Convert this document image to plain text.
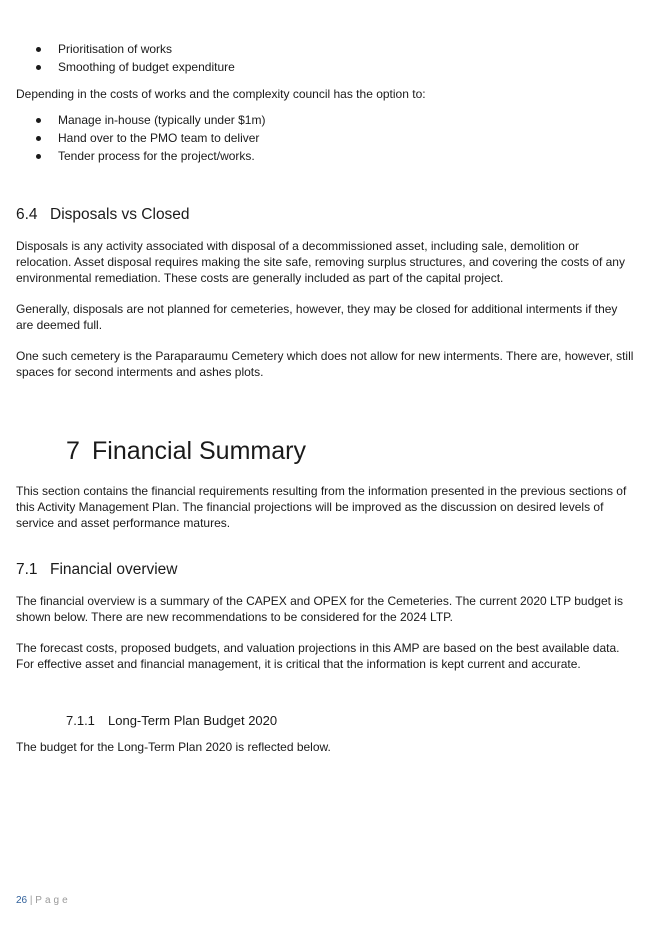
Prioritisation of works
Smoothing of budget expenditure

Depending in the costs of works and the complexity council has the option to:

Manage in-house (typically under $1m)
Hand over to the PMO team to deliver
Tender process for the project/works.
6.4 Disposals vs Closed

Disposals is any activity associated with disposal of a decommissioned asset, including sale, demolition or relocation. Asset disposal requires making the site safe, removing surplus structures, and covering the costs of any environmental remediation. These costs are generally included as part of the capital project.

Generally, disposals are not planned for cemeteries, however, they may be closed for additional interments if they are deemed full.

One such cemetery is the Paraparaumu Cemetery which does not allow for new interments. There are, however, still spaces for second interments and ashes plots.

7 Financial Summary

This section contains the financial requirements resulting from the information presented in the previous sections of this Activity Management Plan. The financial projections will be improved as the discussion on desired levels of service and asset performance matures.

7.1 Financial overview

The financial overview is a summary of the CAPEX and OPEX for the Cemeteries. The current 2020 LTP budget is shown below. There are new recommendations to be considered for the 2024 LTP.

The forecast costs, proposed budgets, and valuation projections in this AMP are based on the best available data. For effective asset and financial management, it is critical that the information is kept current and accurate.

7.1.1 Long-Term Plan Budget 2020

The budget for the Long-Term Plan 2020 is reflected below.

26 | Page
